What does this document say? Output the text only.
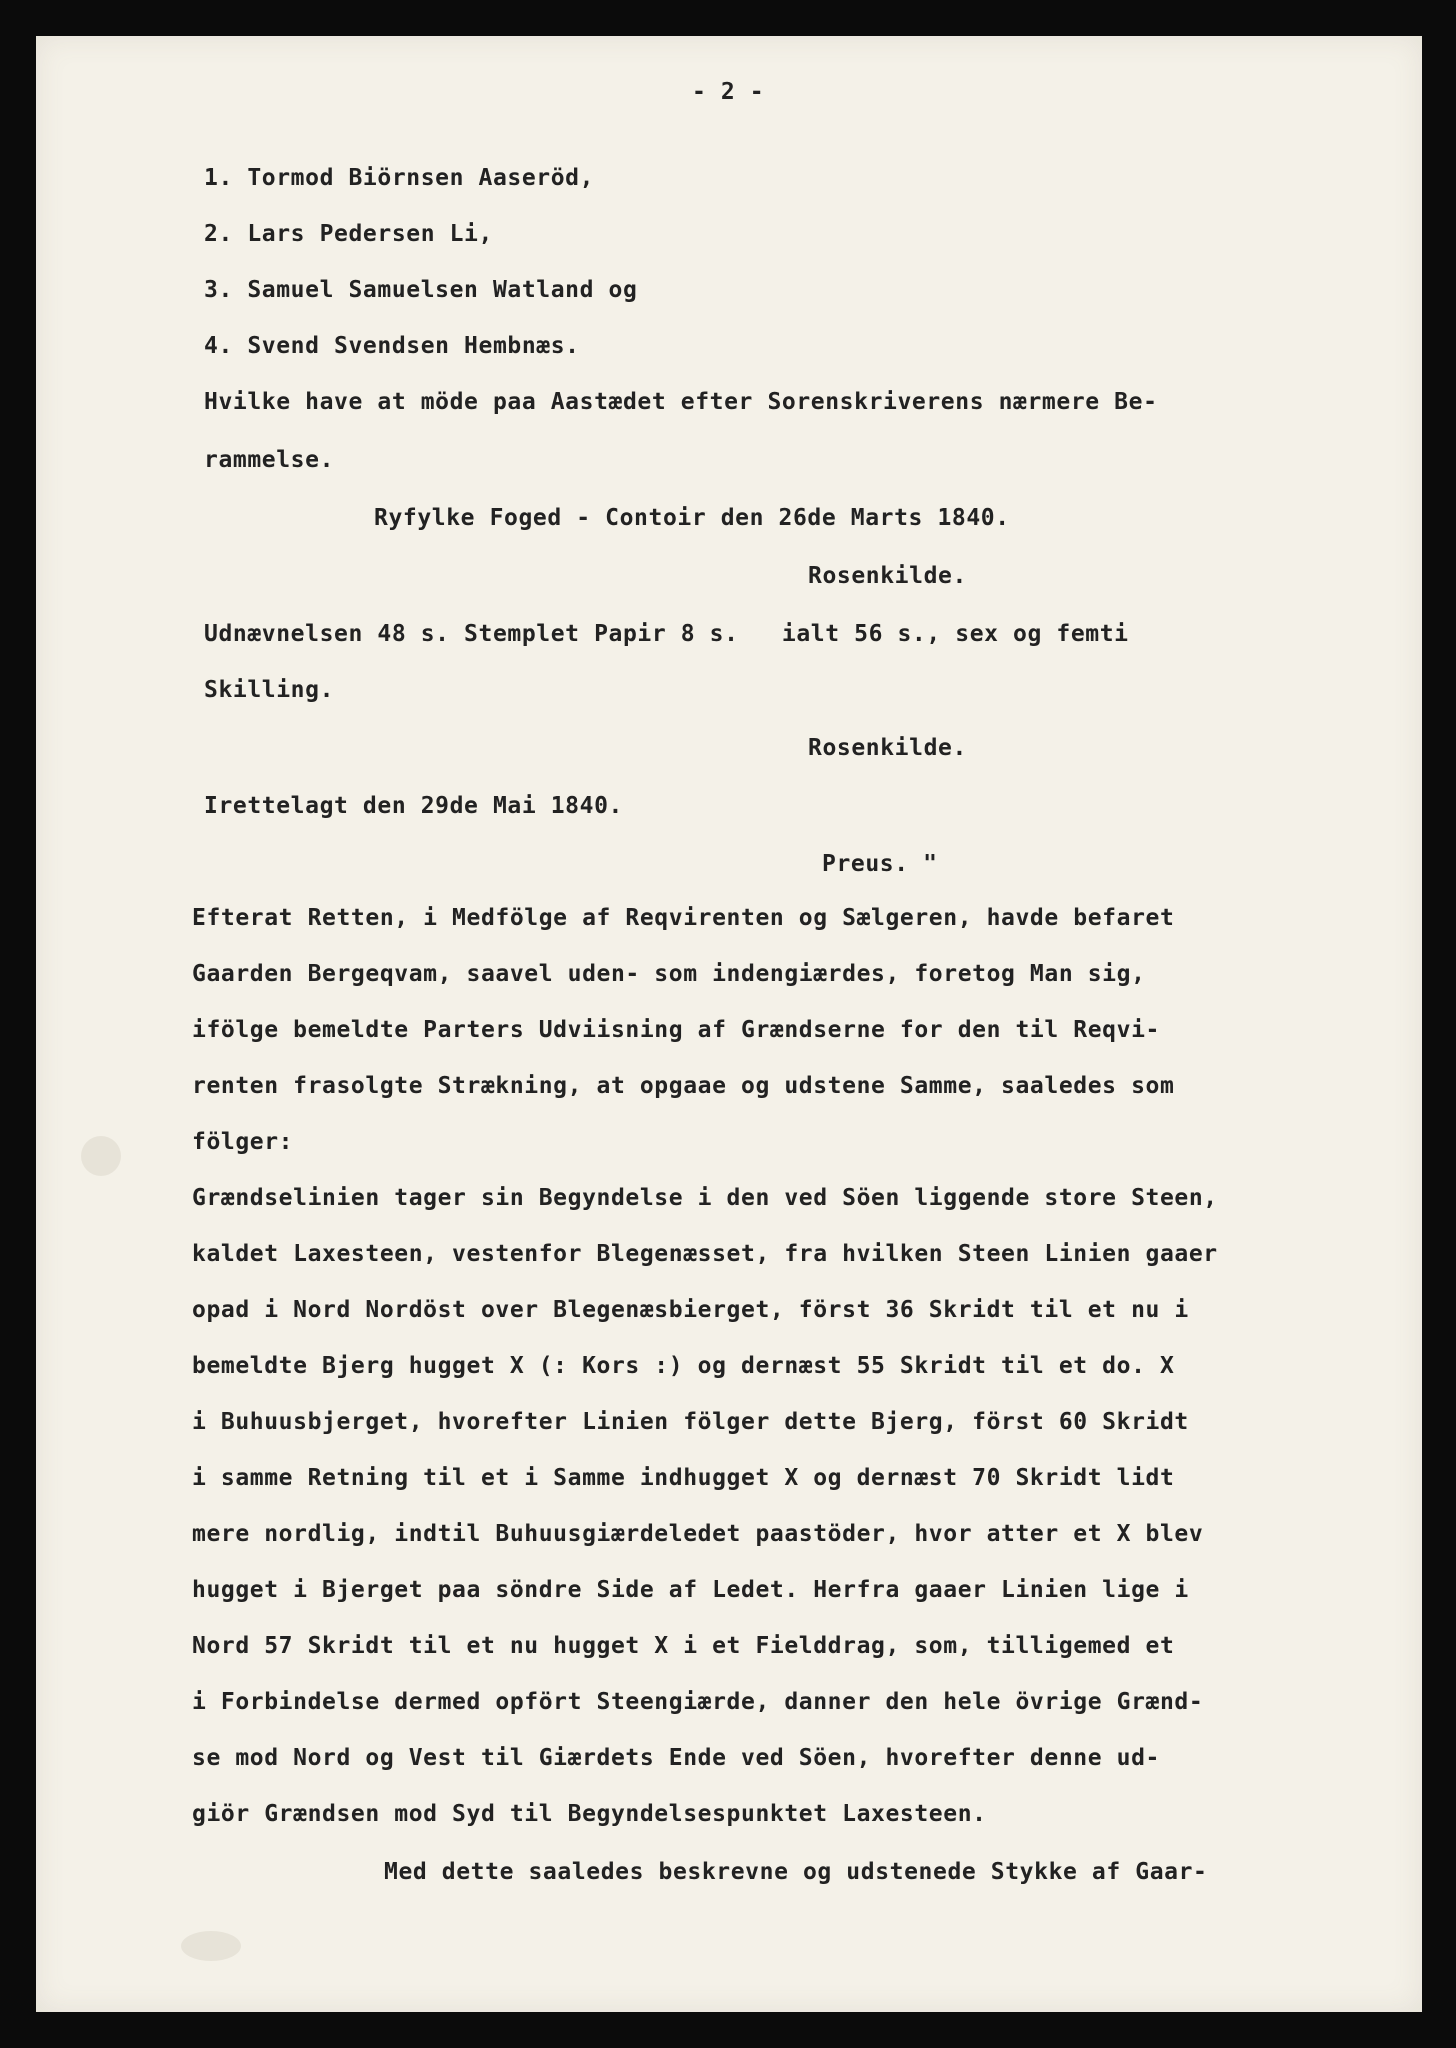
- 2 -
1. Tormod Biörnsen Aaseröd,
2. Lars Pedersen Li,
3. Samuel Samuelsen Watland og
4. Svend Svendsen Hembnæs.
Hvilke have at möde paa Aastædet efter Sorenskriverens nærmere Be-
rammelse.
Ryfylke Foged - Contoir den 26de Marts 1840.
Rosenkilde.
Udnævnelsen 48 s. Stemplet Papir 8 s.   ialt 56 s., sex og femti
Skilling.
Rosenkilde.
Irettelagt den 29de Mai 1840.
Preus. "
Efterat Retten, i Medfölge af Reqvirenten og Sælgeren, havde befaret
Gaarden Bergeqvam, saavel uden- som indengiærdes, foretog Man sig,
ifölge bemeldte Parters Udviisning af Grændserne for den til Reqvi-
renten frasolgte Strækning, at opgaae og udstene Samme, saaledes som
fölger:
Grændselinien tager sin Begyndelse i den ved Söen liggende store Steen,
kaldet Laxesteen, vestenfor Blegenæsset, fra hvilken Steen Linien gaaer
opad i Nord Nordöst over Blegenæsbierget, först 36 Skridt til et nu i
bemeldte Bjerg hugget X (: Kors :) og dernæst 55 Skridt til et do. X
i Buhuusbjerget, hvorefter Linien fölger dette Bjerg, först 60 Skridt
i samme Retning til et i Samme indhugget X og dernæst 70 Skridt lidt
mere nordlig, indtil Buhuusgiærdeledet paastöder, hvor atter et X blev
hugget i Bjerget paa söndre Side af Ledet. Herfra gaaer Linien lige i
Nord 57 Skridt til et nu hugget X i et Fielddrag, som, tilligemed et
i Forbindelse dermed opfört Steengiærde, danner den hele övrige Grænd-
se mod Nord og Vest til Giærdets Ende ved Söen, hvorefter denne ud-
giör Grændsen mod Syd til Begyndelsespunktet Laxesteen.
Med dette saaledes beskrevne og udstenede Stykke af Gaar-
